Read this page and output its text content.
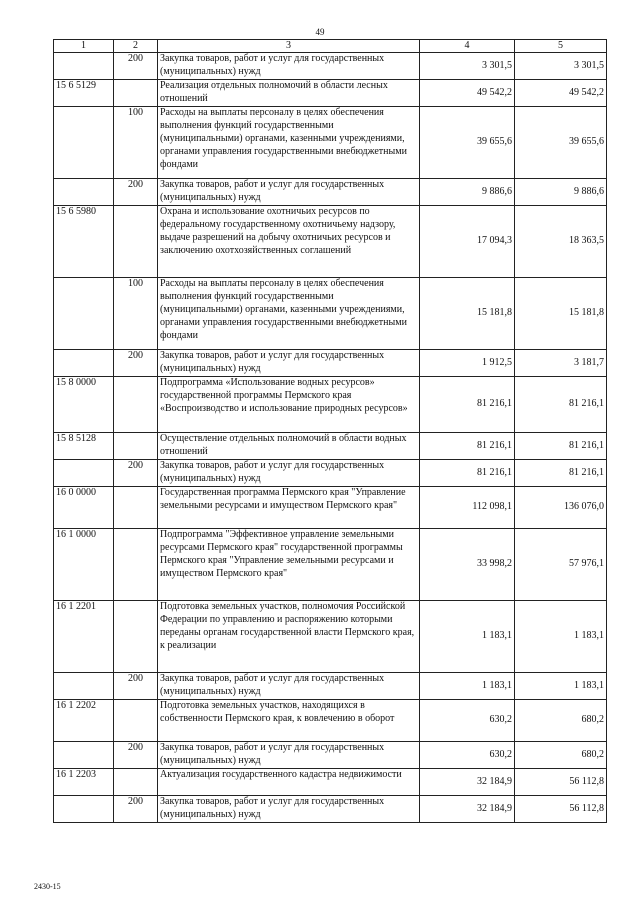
49
1	2	3	4	5
	200	Закупка товаров, работ и услуг для государственных (муниципальных) нужд	3 301,5	3 301,5
15 6 5129		Реализация отдельных полномочий в области лесных отношений	49 542,2	49 542,2
	100	Расходы на выплаты персоналу в целях обеспечения выполнения функций государственными (муниципальными) органами, казенными учреждениями, органами управления государственными внебюджетными фондами	39 655,6	39 655,6
	200	Закупка товаров, работ и услуг для государственных (муниципальных) нужд	9 886,6	9 886,6
15 6 5980		Охрана и использование охотничьих ресурсов по федеральному государственному охотничьему надзору, выдаче разрешений на добычу охотничьих ресурсов и заключению охотхозяйственных соглашений	17 094,3	18 363,5
	100	Расходы на выплаты персоналу в целях обеспечения выполнения функций государственными (муниципальными) органами, казенными учреждениями, органами управления государственными внебюджетными фондами	15 181,8	15 181,8
	200	Закупка товаров, работ и услуг для государственных (муниципальных) нужд	1 912,5	3 181,7
15 8 0000		Подпрограмма «Использование водных ресурсов» государственной программы Пермского края «Воспроизводство и использование природных ресурсов»	81 216,1	81 216,1
15 8 5128		Осуществление отдельных полномочий в области водных отношений	81 216,1	81 216,1
	200	Закупка товаров, работ и услуг для государственных (муниципальных) нужд	81 216,1	81 216,1
16 0 0000		Государственная программа Пермского края "Управление земельными ресурсами и имуществом Пермского края"	112 098,1	136 076,0
16 1 0000		Подпрограмма "Эффективное управление земельными ресурсами Пермского края" государственной программы Пермского края "Управление земельными ресурсами и имуществом Пермского края"	33 998,2	57 976,1
16 1 2201		Подготовка земельных участков, полномочия Российской Федерации по управлению и распоряжению которыми переданы органам государственной власти Пермского края, к реализации	1 183,1	1 183,1
	200	Закупка товаров, работ и услуг для государственных (муниципальных) нужд	1 183,1	1 183,1
16 1 2202		Подготовка земельных участков, находящихся в собственности Пермского края, к вовлечению в оборот	630,2	680,2
	200	Закупка товаров, работ и услуг для государственных (муниципальных) нужд	630,2	680,2
16 1 2203		Актуализация государственного кадастра недвижимости	32 184,9	56 112,8
	200	Закупка товаров, работ и услуг для государственных (муниципальных) нужд	32 184,9	56 112,8
2430-15
